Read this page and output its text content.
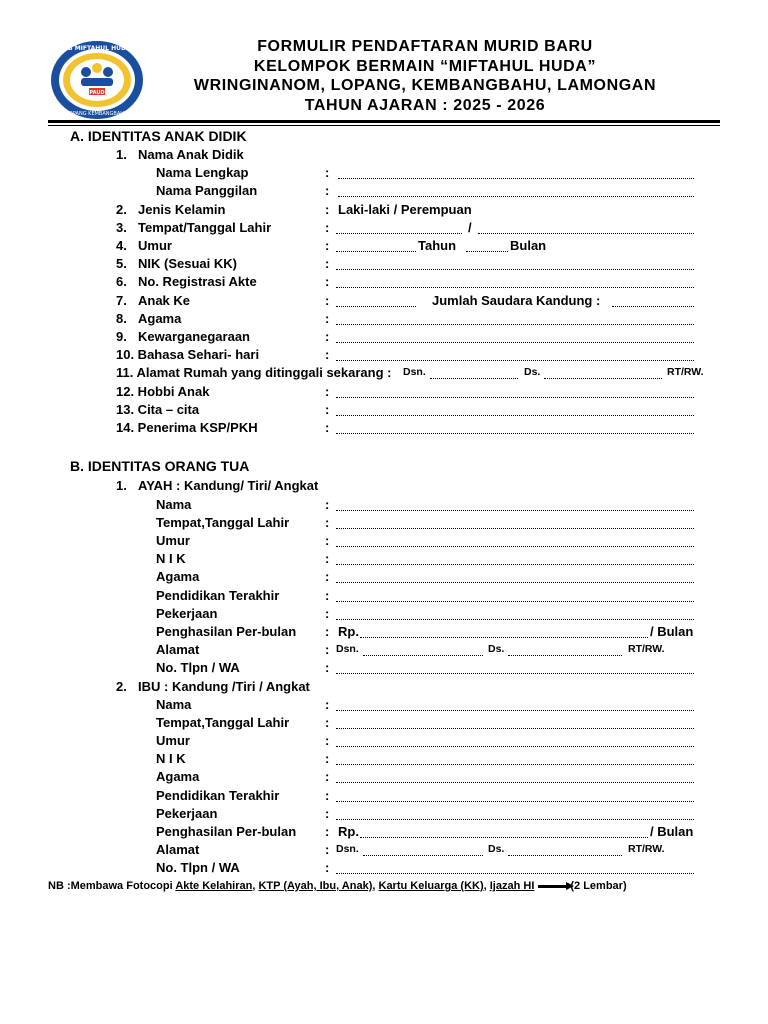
PAUD
KB MIFTAHUL HUDA
LOPANG KEMBANGBAHU
FORMULIR PENDAFTARAN MURID BARU
KELOMPOK BERMAIN “MIFTAHUL HUDA”
WRINGINANOM, LOPANG, KEMBANGBAHU, LAMONGAN
TAHUN AJARAN : 2025 - 2026
A. IDENTITAS ANAK DIDIK
1. Nama Anak Didik
Nama Lengkap	:
Nama Panggilan	:
2. Jenis Kelamin	: Laki-laki / Perempuan
3. Tempat/Tanggal Lahir	:	/
4. Umur	:	Tahun	Bulan
5. NIK (Sesuai KK)	:
6. No. Registrasi Akte	:
7. Anak Ke	:	Jumlah Saudara Kandung :
8. Agama	:
9. Kewarganegaraan	:
10. Bahasa Sehari- hari	:
11. Alamat Rumah yang ditinggali sekarang : Dsn.	Ds.	RT/RW.
12. Hobbi Anak	:
13. Cita – cita	:
14. Penerima KSP/PKH	:
B. IDENTITAS ORANG TUA
1. AYAH : Kandung/ Tiri/ Angkat
Nama	:
Tempat,Tanggal Lahir	:
Umur	:
N I K	:
Agama	:
Pendidikan Terakhir	:
Pekerjaan	:
Penghasilan Per-bulan : Rp.	/ Bulan
Alamat	: Dsn.	Ds.	RT/RW.
No. Tlpn / WA	:
2. IBU : Kandung /Tiri / Angkat
Nama	:
Tempat,Tanggal Lahir	:
Umur	:
N I K	:
Agama	:
Pendidikan Terakhir	:
Pekerjaan	:
Penghasilan Per-bulan : Rp.	/ Bulan
Alamat	: Dsn.	Ds.	RT/RW.
No. Tlpn / WA	:
NB :Membawa Fotocopi Akte Kelahiran, KTP (Ayah, Ibu, Anak), Kartu Keluarga (KK), Ijazah HI	(2 Lembar)
